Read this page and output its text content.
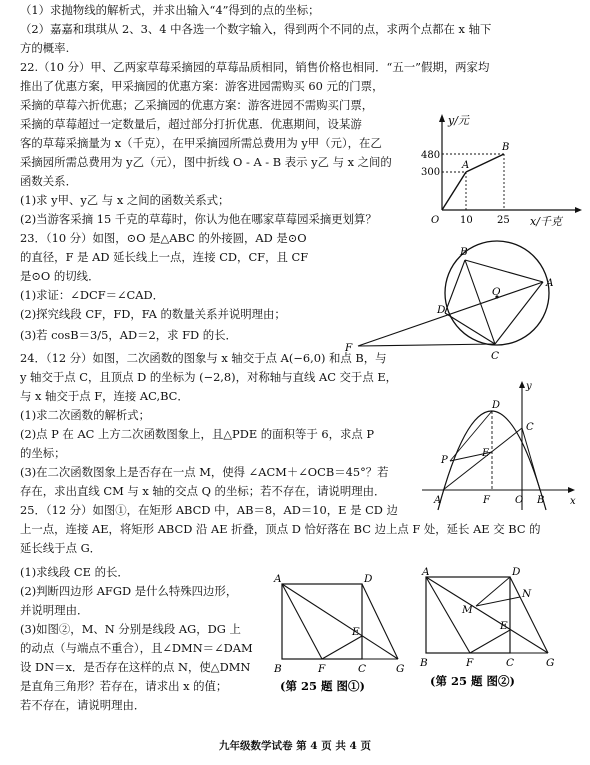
（1）求抛物线的解析式，并求出输入“4”得到的点的坐标；
（2）嘉嘉和琪琪从 2、3、4 中各选一个数字输入，得到两个不同的点，求两个点都在 x 轴下
方的概率.
22.（10 分）甲、乙两家草莓采摘园的草莓品质相同，销售价格也相同．“五一”假期，两家均
推出了优惠方案，甲采摘园的优惠方案：游客进园需购买 60 元的门票，
采摘的草莓六折优惠；乙采摘园的优惠方案：游客进园不需购买门票，
采摘的草莓超过一定数量后，超过部分打折优惠．优惠期间，设某游
客的草莓采摘量为 x（千克），在甲采摘园所需总费用为 y甲（元），在乙
采摘园所需总费用为 y乙（元），图中折线 O - A - B 表示 y乙 与 x 之间的
函数关系．
(1)求 y甲、y乙 与 x 之间的函数关系式；
(2)当游客采摘 15 千克的草莓时，你认为他在哪家草莓园采摘更划算？
23．（10 分）如图，⊙O 是△ABC 的外接圆，AD 是⊙O
的直径，F 是 AD 延长线上一点，连接 CD，CF，且 CF
是⊙O 的切线．
(1)求证：∠DCF＝∠CAD．
(2)探究线段 CF，FD，FA 的数量关系并说明理由；
(3)若 cosB＝3/5，AD＝2，求 FD 的长．
24．（12 分）如图，二次函数的图象与 x 轴交于点 A(−6,0) 和点 B，与
y 轴交于点 C，且顶点 D 的坐标为 (−2,8)，对称轴与直线 AC 交于点 E，
与 x 轴交于点 F，连接 AC,BC．
(1)求二次函数的解析式；
(2)点 P 在 AC 上方二次函数图象上，且△PDE 的面积等于 6，求点 P
的坐标；
(3)在二次函数图象上是否存在一点 M，使得 ∠ACM＋∠OCB＝45°？若
存在，求出直线 CM 与 x 轴的交点 Q 的坐标；若不存在，请说明理由．
25．（12 分）如图①，在矩形 ABCD 中，AB＝8，AD＝10，E 是 CD 边
上一点，连接 AE，将矩形 ABCD 沿 AE 折叠，顶点 D 恰好落在 BC 边上点 F 处，延长 AE 交 BC 的
延长线于点 G．
(1)求线段 CE 的长．
(2)判断四边形 AFGD 是什么特殊四边形，
并说明理由．
(3)如图②，M、N 分别是线段 AG，DG 上
的动点（与端点不重合），且∠DMN＝∠DAM
设 DN＝x．是否存在这样的点 N，使△DMN
是直角三角形？若存在，请求出 x 的值；
若不存在，请说明理由．
y/元
x/千克
480
300
10 25
O
A
B
B
A
C
D
O
F
y
x
A	B
C
D
E
F
P
O
A	D
B	F	C	G
E
(第 25 题 图①)
A	D
B	F	C	G
E
M
N
(第 25 题 图②)
九年级数学试卷 第 4 页 共 4 页
